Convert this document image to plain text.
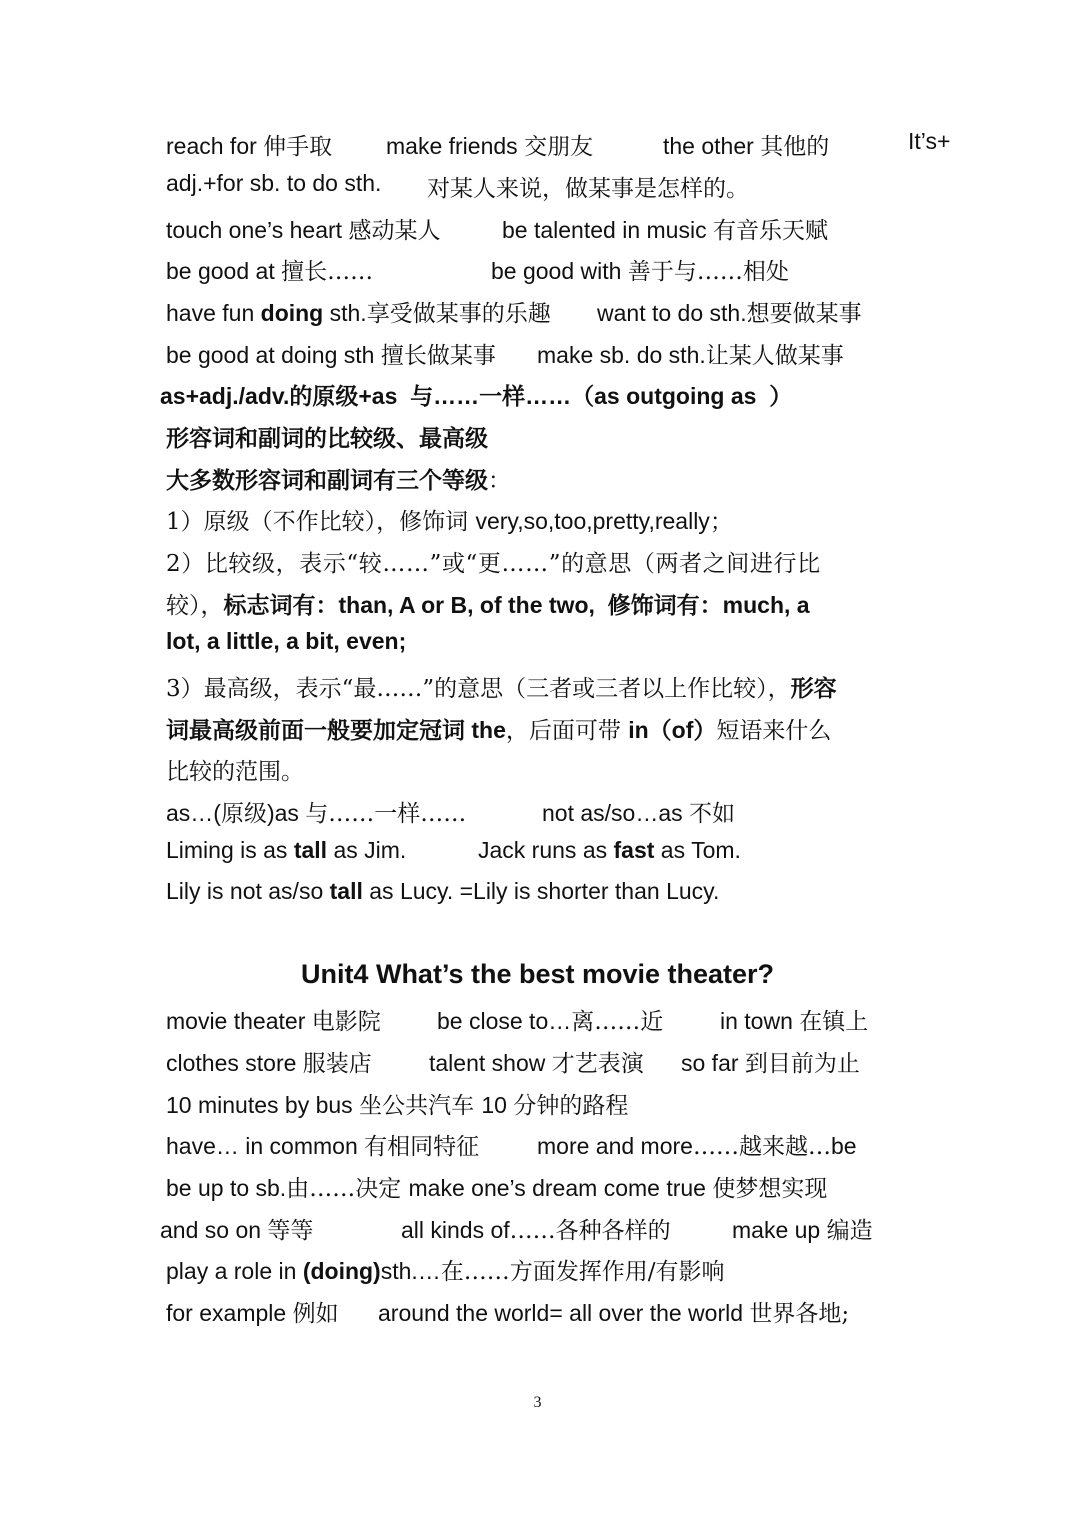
reach for 伸手取 make friends 交朋友	the other 其他的	It’s+
adj.+for sb. to do sth. 对某人来说，做某事是怎样的。
touch one’s heart 感动某人	be talented in music 有音乐天赋
be good at 擅长……	be good with 善于与……相处
have fun doing sth.享受做某事的乐趣 want to do sth.想要做某事
be good at doing sth 擅长做某事 make sb. do sth.让某人做某事
as+adj./adv.的原级+as  与……一样……（as outgoing as  ）
形容词和副词的比较级、最高级
大多数形容词和副词有三个等级：
1）原级（不作比较），修饰词 very,so,too,pretty,really；
2）比较级，表示“较……”或“更……”的意思（两者之间进行比
较），标志词有：than, A or B, of the two,  修饰词有：much, a
lot, a little, a bit, even;
3）最高级，表示“最……”的意思（三者或三者以上作比较），形容
词最高级前面一般要加定冠词 the，后面可带 in（of）短语来什么
比较的范围。
as…(原级)as 与……一样……	not as/so…as 不如
Liming is as tall as Jim.	Jack runs as fast as Tom.
Lily is not as/so tall as Lucy. =Lily is shorter than Lucy.
Unit4 What’s the best movie theater?
movie theater 电影院 be close to…离……近 in town 在镇上
clothes store 服装店 talent show 才艺表演 so far 到目前为止
10 minutes by bus 坐公共汽车 10 分钟的路程
have… in common 有相同特征	more and more……越来越…be
be up to sb.由……决定 make one’s dream come true 使梦想实现
and so on 等等	all kinds of……各种各样的	make up 编造
play a role in (doing)sth.…在……方面发挥作用/有影响
for example 例如 around the world= all over the world 世界各地;
3
